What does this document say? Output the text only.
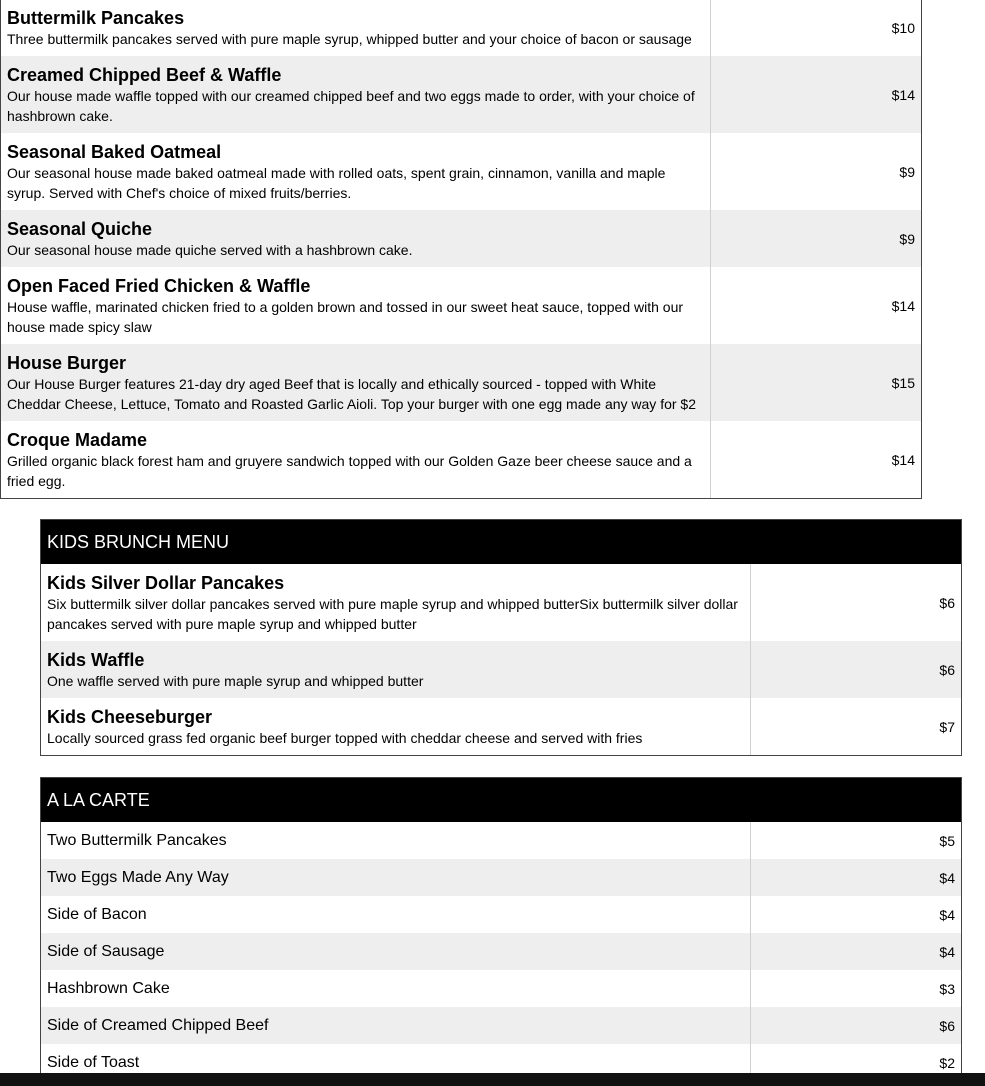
Buttermilk Pancakes
Three buttermilk pancakes served with pure maple syrup, whipped butter and your choice of bacon or sausage	$10

Creamed Chipped Beef & Waffle
Our house made waffle topped with our creamed chipped beef and two eggs made to order, with your choice of hashbrown cake.	$14

Seasonal Baked Oatmeal
Our seasonal house made baked oatmeal made with rolled oats, spent grain, cinnamon, vanilla and maple syrup. Served with Chef's choice of mixed fruits/berries.	$9

Seasonal Quiche
Our seasonal house made quiche served with a hashbrown cake.	$9

Open Faced Fried Chicken & Waffle
House waffle, marinated chicken fried to a golden brown and tossed in our sweet heat sauce, topped with our house made spicy slaw	$14

House Burger
Our House Burger features 21-day dry aged Beef that is locally and ethically sourced - topped with White Cheddar Cheese, Lettuce, Tomato and Roasted Garlic Aioli. Top your burger with one egg made any way for $2	$15

Croque Madame
Grilled organic black forest ham and gruyere sandwich topped with our Golden Gaze beer cheese sauce and a fried egg.	$14
KIDS BRUNCH MENU
Kids Silver Dollar Pancakes
Six buttermilk silver dollar pancakes served with pure maple syrup and whipped butterSix buttermilk silver dollar pancakes served with pure maple syrup and whipped butter	$6

Kids Waffle
One waffle served with pure maple syrup and whipped butter	$6

Kids Cheeseburger
Locally sourced grass fed organic beef burger topped with cheddar cheese and served with fries	$7
A LA CARTE
Two Buttermilk Pancakes	$5
Two Eggs Made Any Way	$4
Side of Bacon	$4
Side of Sausage	$4
Hashbrown Cake	$3
Side of Creamed Chipped Beef	$6
Side of Toast	$2
